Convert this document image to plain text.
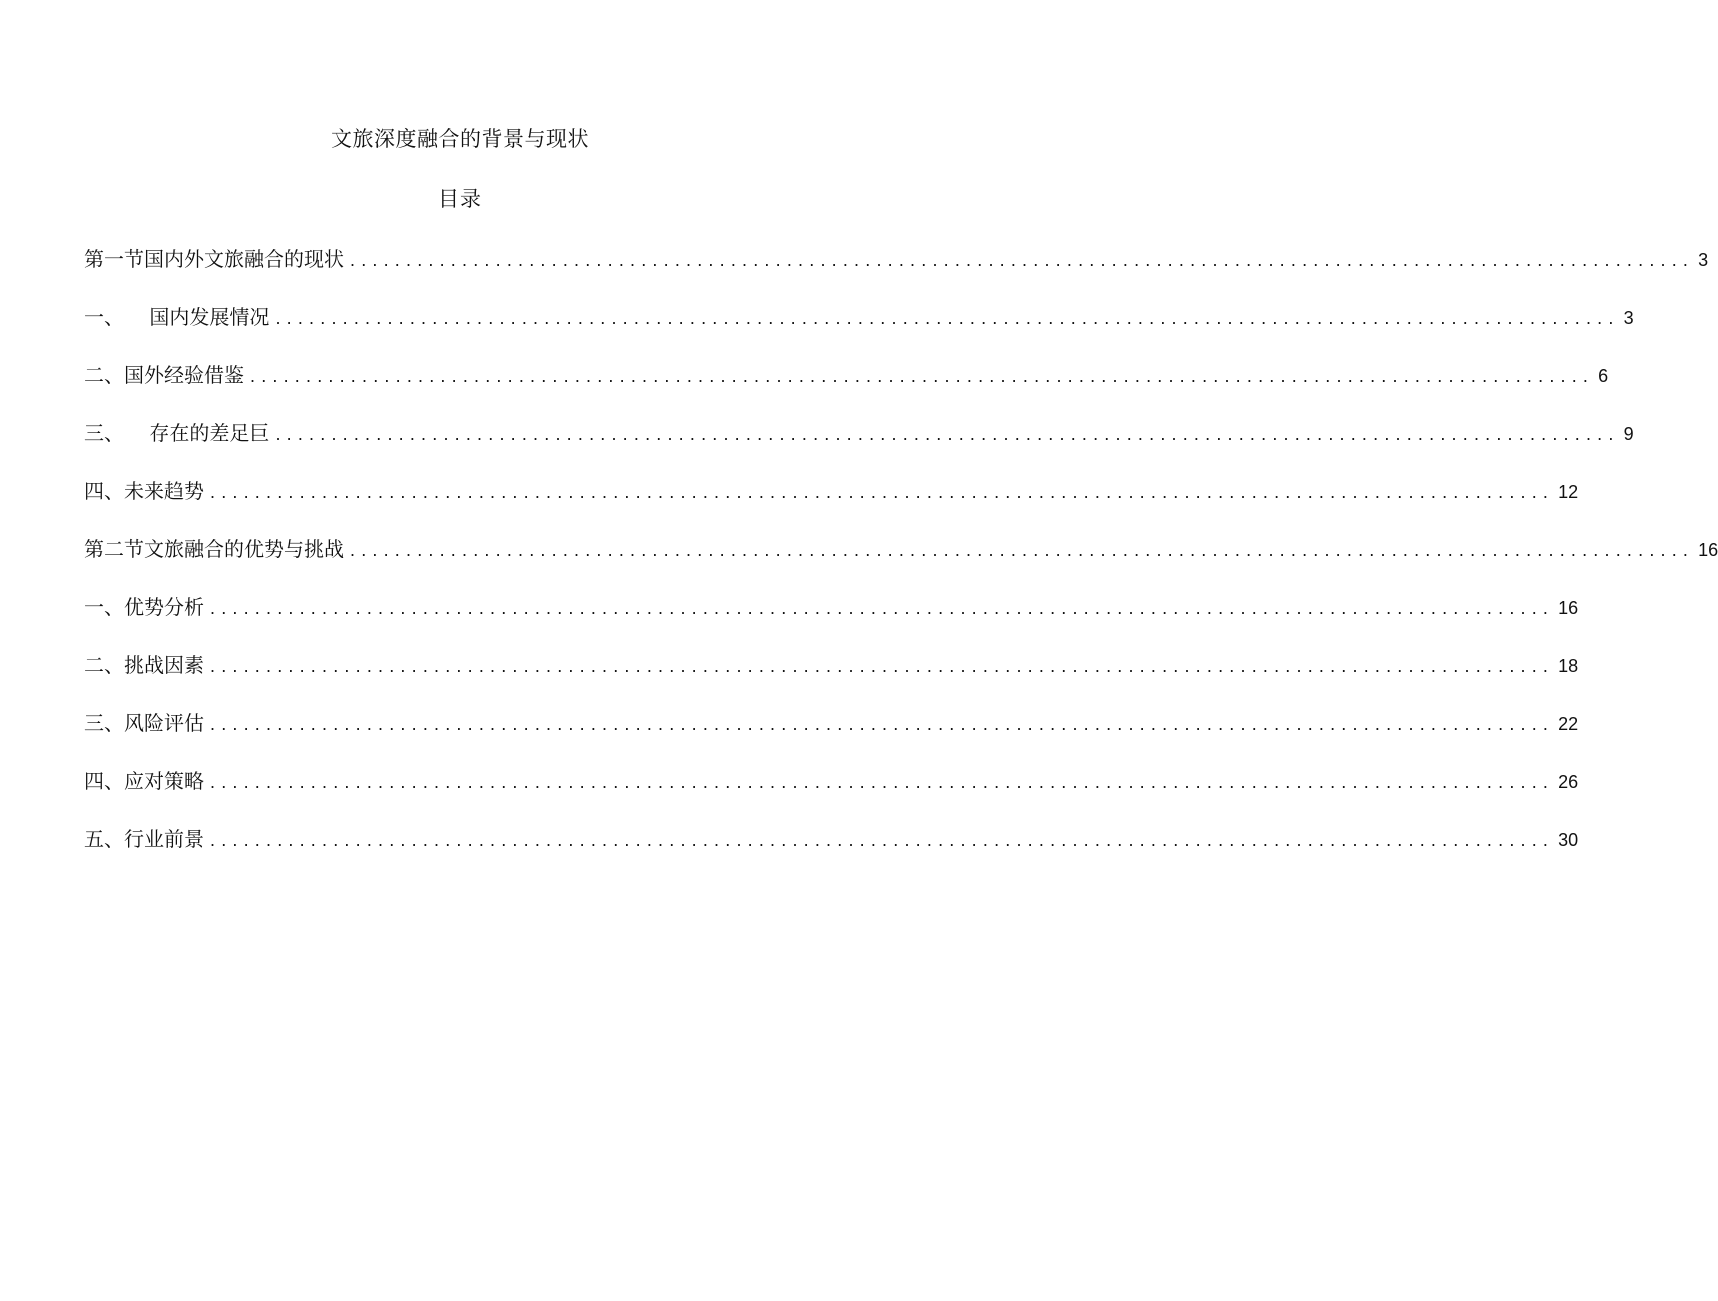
文旅深度融合的背景与现状
目录
第一节国内外文旅融合的现状 ........................................................................................................................ 3
一、    国内发展情况 ........................................................................................................................ 3
二、国外经验借鉴 ........................................................................................................................ 6
三、    存在的差足巨 ........................................................................................................................ 9
四、未来趋势 ........................................................................................................................ 12
第二节文旅融合的优势与挑战 ........................................................................................................................ 16
一、优势分析 ........................................................................................................................ 16
二、挑战因素 ........................................................................................................................ 18
三、风险评估 ........................................................................................................................ 22
四、应对策略 ........................................................................................................................ 26
五、行业前景 ........................................................................................................................ 30
